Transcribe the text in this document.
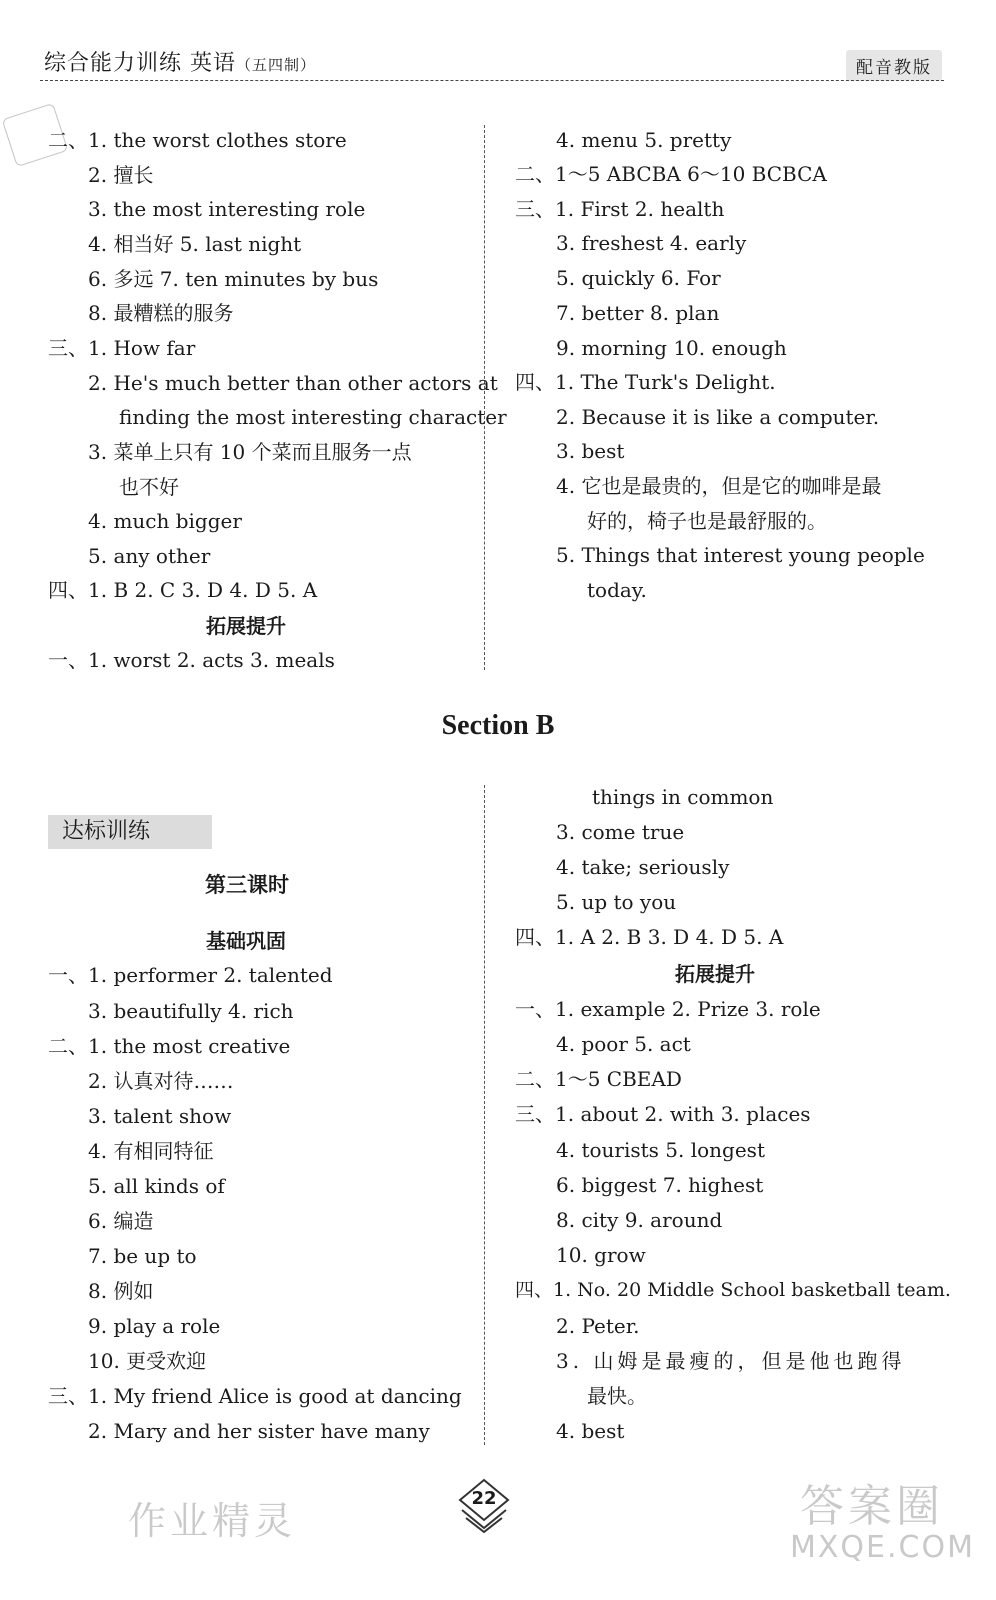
综合能力训练 英语（五四制）	配音教版
二、1. the worst clothes store
2. 擅长
3. the most interesting role
4. 相当好 5. last night
6. 多远 7. ten minutes by bus
8. 最糟糕的服务
三、1. How far
2. He's much better than other actors at
finding the most interesting character
3. 菜单上只有 10 个菜而且服务一点
也不好
4. much bigger
5. any other
四、1. B 2. C 3. D 4. D 5. A
拓展提升
一、1. worst 2. acts 3. meals
4. menu 5. pretty
二、1～5 ABCBA 6～10 BCBCA
三、1. First 2. health
3. freshest 4. early
5. quickly 6. For
7. better 8. plan
9. morning 10. enough
四、1. The Turk's Delight.
2. Because it is like a computer.
3. best
4. 它也是最贵的，但是它的咖啡是最
好的，椅子也是最舒服的。
5. Things that interest young people
today.
Section B
达标训练
第三课时
基础巩固
一、1. performer 2. talented
3. beautifully 4. rich
二、1. the most creative
2. 认真对待……
3. talent show
4. 有相同特征
5. all kinds of
6. 编造
7. be up to
8. 例如
9. play a role
10. 更受欢迎
三、1. My friend Alice is good at dancing
2. Mary and her sister have many
things in common
3. come true
4. take; seriously
5. up to you
四、1. A 2. B 3. D 4. D 5. A
拓展提升
一、1. example 2. Prize 3. role
4. poor 5. act
二、1～5 CBEAD
三、1. about 2. with 3. places
4. tourists 5. longest
6. biggest 7. highest
8. city 9. around
10. grow
四、1. No. 20 Middle School basketball team.
2. Peter.
3. 山姆是最瘦的，但是他也跑得
最快。
4. best
22
作业精灵	答案圈
MXQE.COM
